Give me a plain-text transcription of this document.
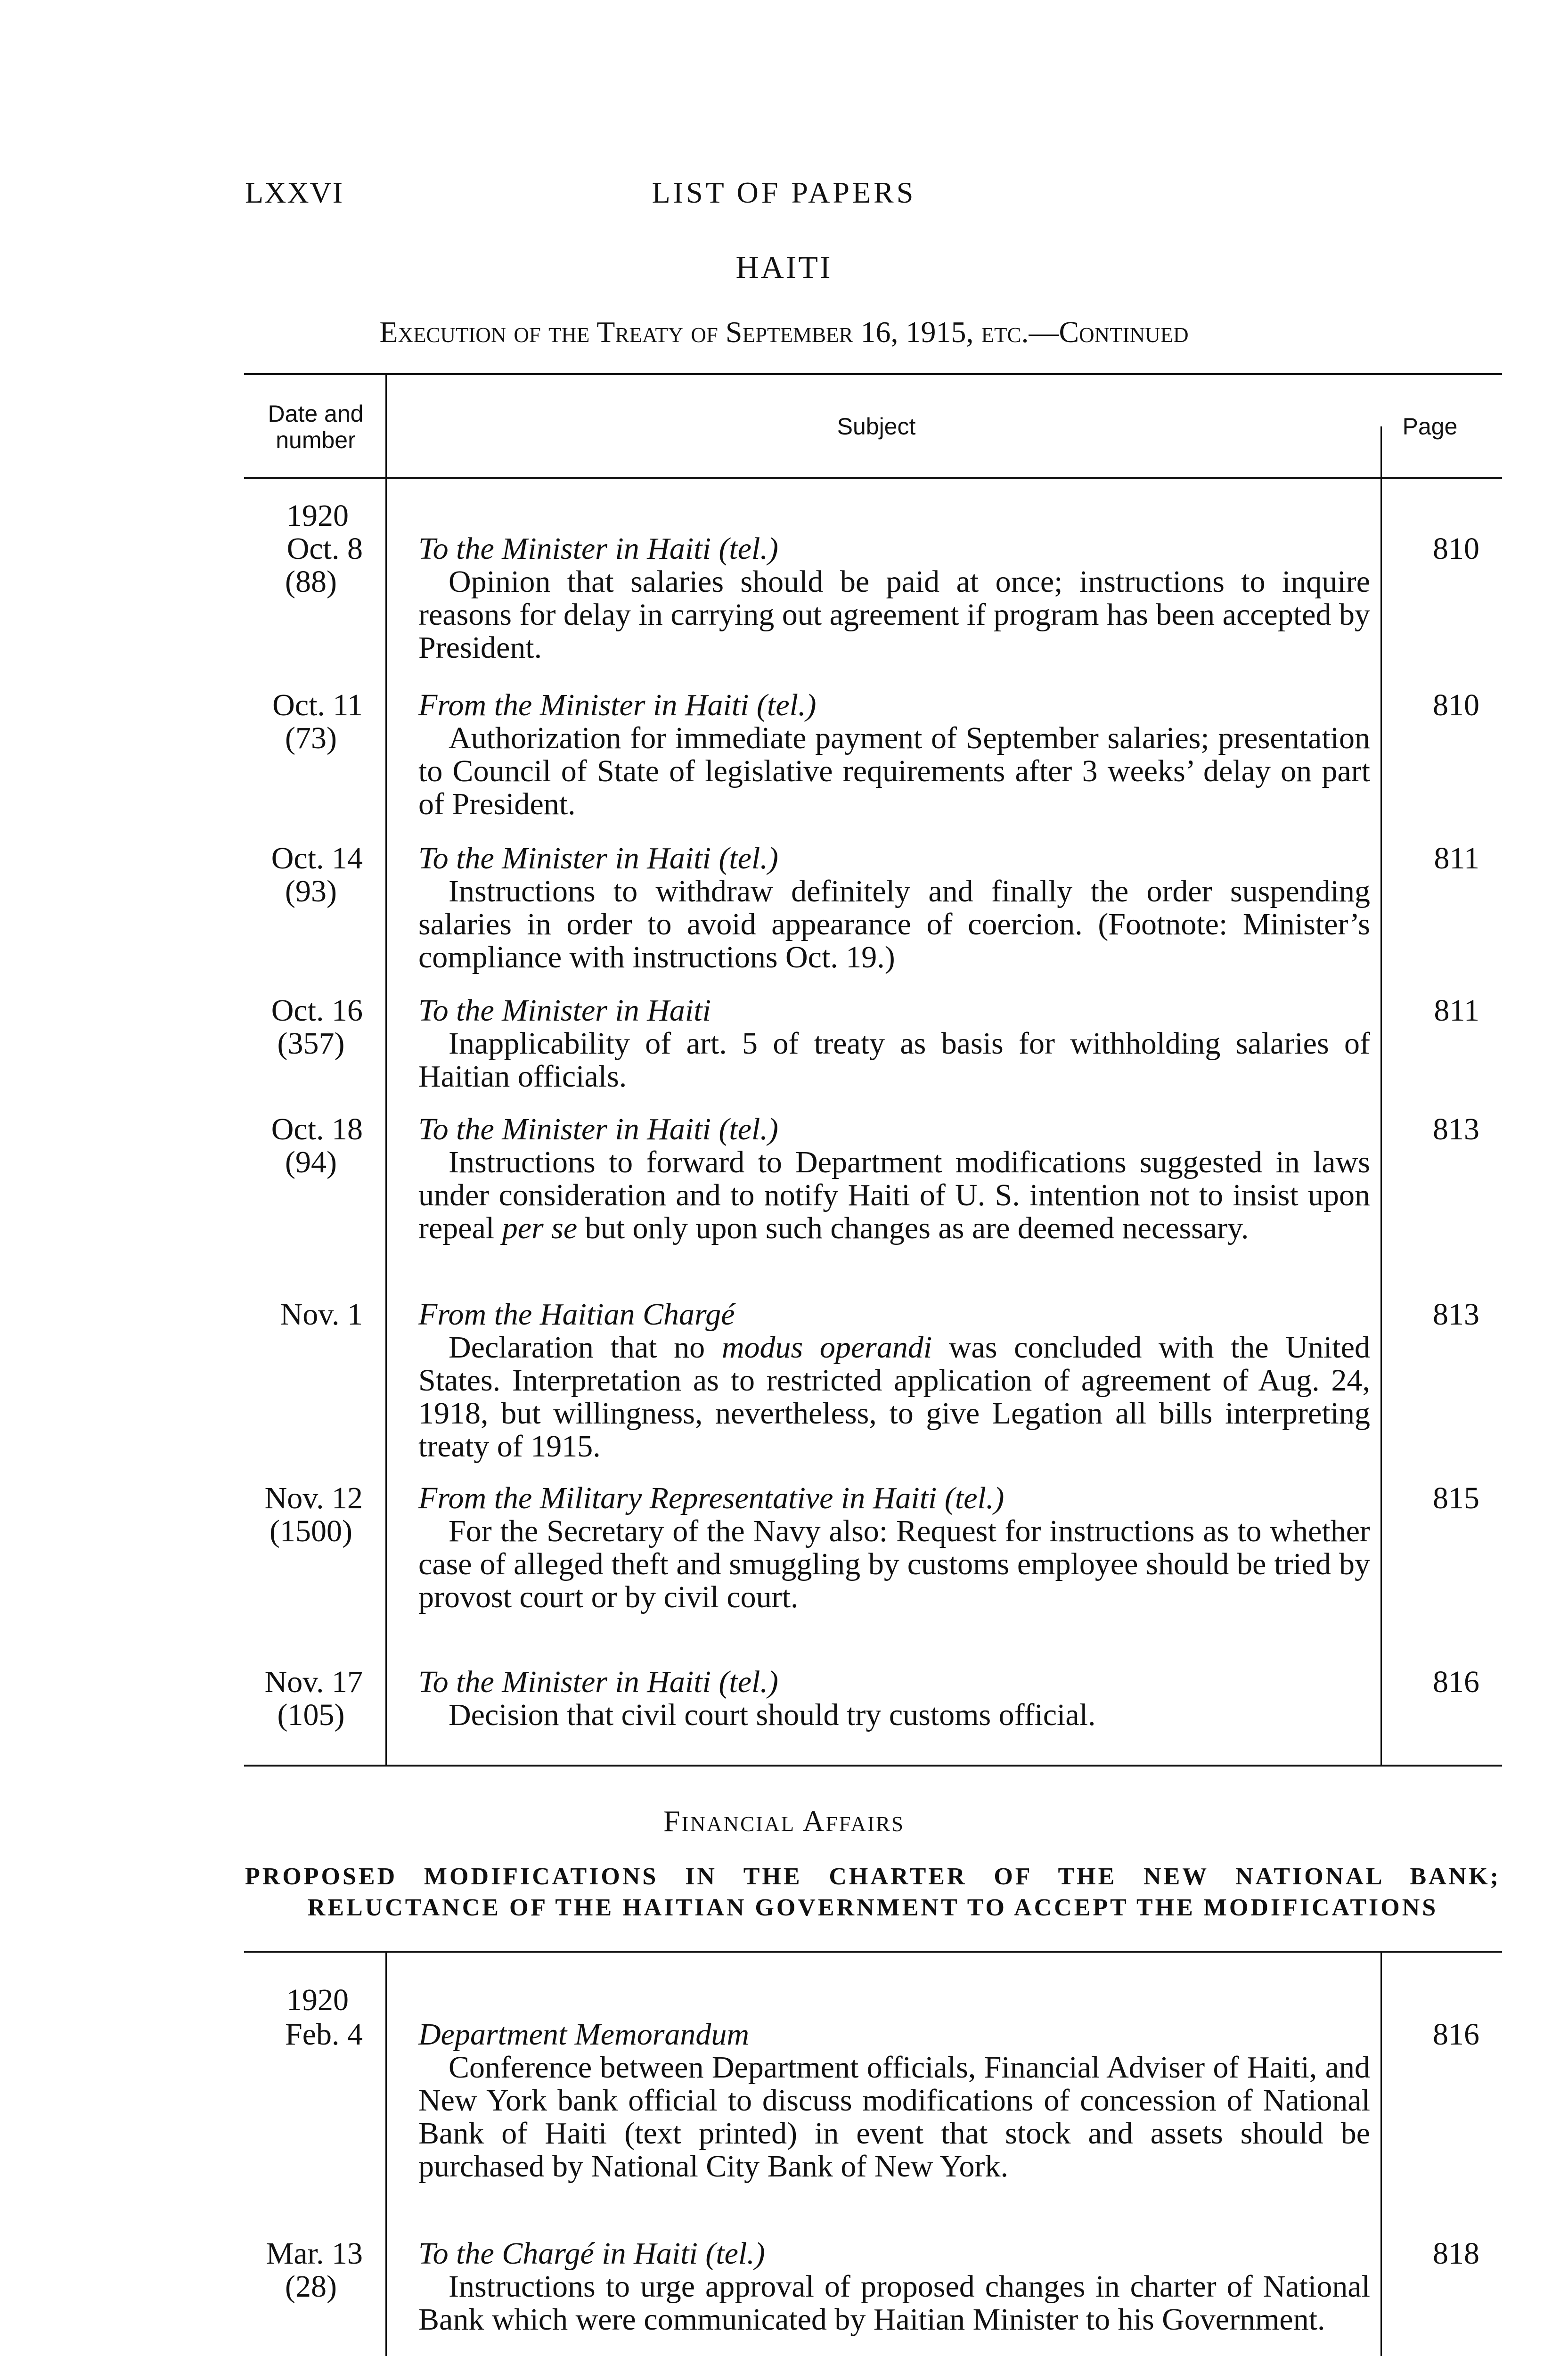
LXXVI	LIST OF PAPERS
HAITI
Execution of the Treaty of September 16, 1915, etc.—Continued
Date and
number
Subject	Page
1920
Oct. 8
(88)
To the Minister in Haiti (tel.)
Opinion that salaries should be paid at once; instructions to inquire reasons for delay in carrying out agreement if program has been accepted by President.
810
Oct. 11
(73)
From the Minister in Haiti (tel.)
Authorization for immediate payment of September salaries; presentation to Council of State of legislative requirements after 3 weeks’ delay on part of President.
810
Oct. 14
(93)
To the Minister in Haiti (tel.)
Instructions to withdraw definitely and finally the order suspending salaries in order to avoid appearance of coercion. (Footnote: Minister’s compliance with instructions Oct. 19.)
811
Oct. 16
(357)
To the Minister in Haiti
Inapplicability of art. 5 of treaty as basis for withholding salaries of Haitian officials.
811
Oct. 18
(94)
To the Minister in Haiti (tel.)
Instructions to forward to Department modifications suggested in laws under consideration and to notify Haiti of U. S. intention not to insist upon repeal per se but only upon such changes as are deemed necessary.
813
Nov. 1 From the Haitian Chargé
Declaration that no modus operandi was concluded with the United States. Interpretation as to restricted application of agreement of Aug. 24, 1918, but willingness, nevertheless, to give Legation all bills interpreting treaty of 1915.
813
Nov. 12
(1500)
From the Military Representative in Haiti (tel.)
For the Secretary of the Navy also: Request for instructions as to whether case of alleged theft and smuggling by customs employee should be tried by provost court or by civil court.
815
Nov. 17
(105)
To the Minister in Haiti (tel.)
Decision that civil court should try customs official.
816
Financial Affairs
PROPOSED MODIFICATIONS IN THE CHARTER OF THE NEW NATIONAL BANK;
RELUCTANCE OF THE HAITIAN GOVERNMENT TO ACCEPT THE MODIFICATIONS
1920
Feb. 4 Department Memorandum
Conference between Department officials, Financial Adviser of Haiti, and New York bank official to discuss modifications of concession of National Bank of Haiti (text printed) in event that stock and assets should be purchased by National City Bank of New York.
816
Mar. 13
(28)
To the Chargé in Haiti (tel.)
Instructions to urge approval of proposed changes in charter of National Bank which were communicated by Haitian Minister to his Government.
818
